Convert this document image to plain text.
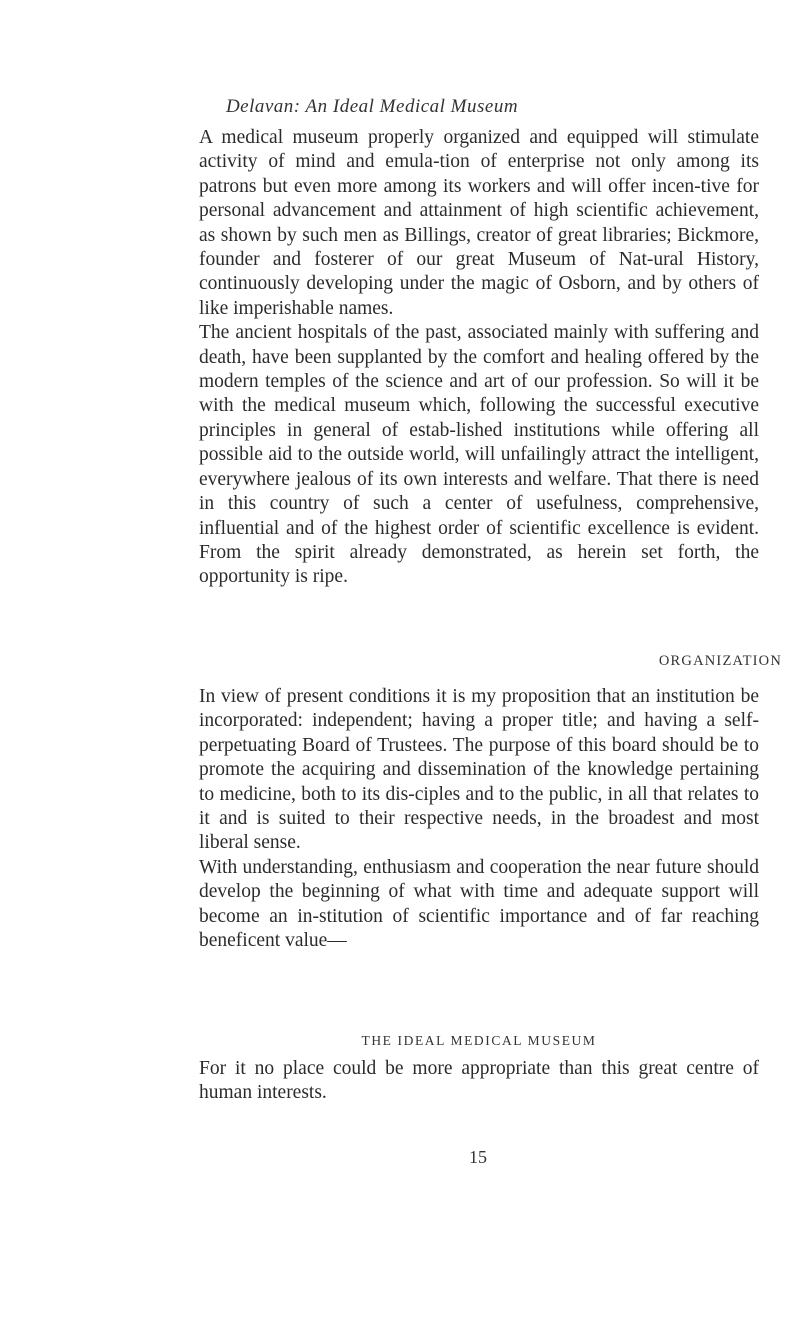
Delavan: An Ideal Medical Museum

A medical museum properly organized and equipped will stimulate activity of mind and emula-tion of enterprise not only among its patrons but even more among its workers and will offer incen-tive for personal advancement and attainment of high scientific achievement, as shown by such men as Billings, creator of great libraries; Bickmore, founder and fosterer of our great Museum of Nat-ural History, continuously developing under the magic of Osborn, and by others of like imperishable names.

The ancient hospitals of the past, associated mainly with suffering and death, have been supplanted by the comfort and healing offered by the modern temples of the science and art of our profession. So will it be with the medical museum which, following the successful executive principles in general of estab-lished institutions while offering all possible aid to the outside world, will unfailingly attract the intelligent, everywhere jealous of its own interests and welfare. That there is need in this country of such a center of usefulness, comprehensive, influential and of the highest order of scientific excellence is evident. From the spirit already demonstrated, as herein set forth, the opportunity is ripe.

ORGANIZATION

In view of present conditions it is my proposition that an institution be incorporated: independent; having a proper title; and having a self-perpetuating Board of Trustees. The purpose of this board should be to promote the acquiring and dissemination of the knowledge pertaining to medicine, both to its dis-ciples and to the public, in all that relates to it and is suited to their respective needs, in the broadest and most liberal sense.

With understanding, enthusiasm and cooperation the near future should develop the beginning of what with time and adequate support will become an in-stitution of scientific importance and of far reaching beneficent value—

THE IDEAL MEDICAL MUSEUM

For it no place could be more appropriate than this great centre of human interests.

15
